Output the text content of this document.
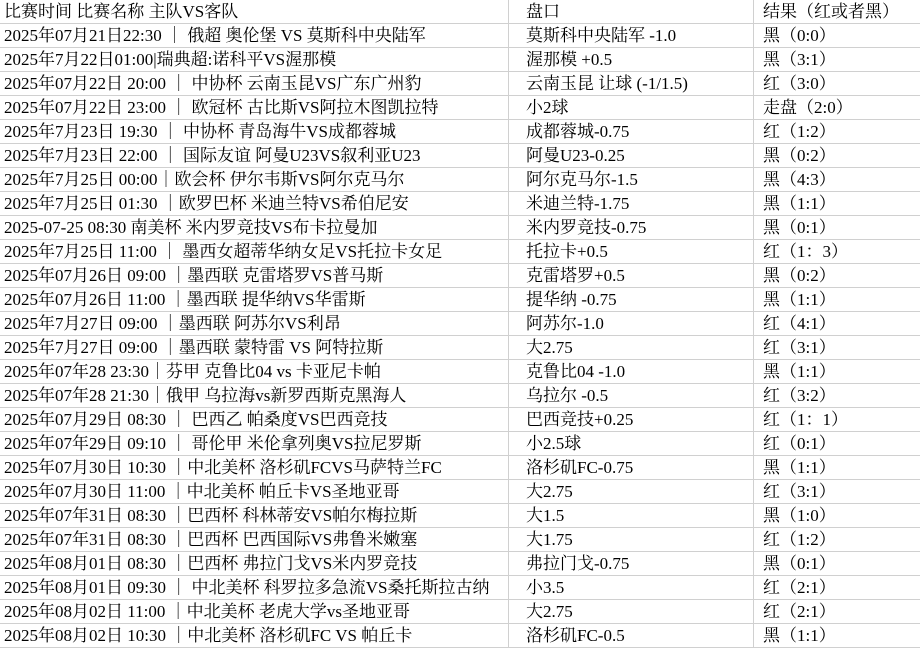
比赛时间 比赛名称 主队VS客队	盘口	结果（红或者黑）
2025年07月21日22:30 ｜ 俄超 奥伦堡 VS 莫斯科中央陆军	莫斯科中央陆军 -1.0	黑（0:0）
2025年7月22日01:00|瑞典超:诺科平VS渥那模	渥那模 +0.5	黑（3:1）
2025年07月22日 20:00 ｜ 中协杯 云南玉昆VS广东广州豹	云南玉昆 让球 (-1/1.5)	红（3:0）
2025年07月22日 23:00 ｜ 欧冠杯 古比斯VS阿拉木图凯拉特	小2球	走盘（2:0）
2025年7月23日 19:30 ｜ 中协杯 青岛海牛VS成都蓉城	成都蓉城-0.75	红（1:2）
2025年7月23日 22:00 ｜ 国际友谊 阿曼U23VS叙利亚U23	阿曼U23-0.25	黑（0:2）
2025年7月25日 00:00｜欧会杯 伊尔韦斯VS阿尔克马尔	阿尔克马尔-1.5	黑（4:3）
2025年7月25日 01:30 ｜欧罗巴杯 米迪兰特VS希伯尼安	米迪兰特-1.75	黑（1:1）
2025-07-25 08:30 南美杯 米内罗竞技VS布卡拉曼加	米内罗竞技-0.75	黑（0:1）
2025年7月25日 11:00 ｜ 墨西女超蒂华纳女足VS托拉卡女足	托拉卡+0.5	红（1：3）
2025年07月26日 09:00 ｜墨西联 克雷塔罗VS普马斯	克雷塔罗+0.5	黑（0:2）
2025年07月26日 11:00 ｜墨西联 提华纳VS华雷斯	提华纳 -0.75	黑（1:1）
2025年7月27日 09:00 ｜墨西联 阿苏尔VS利昂	阿苏尔-1.0	红（4:1）
2025年7月27日 09:00 ｜墨西联 蒙特雷 VS 阿特拉斯	大2.75	红（3:1）
2025年07年28 23:30｜芬甲 克鲁比04 vs 卡亚尼卡帕	克鲁比04 -1.0	黑（1:1）
2025年07年28 21:30｜俄甲 乌拉海vs新罗西斯克黑海人	乌拉尔 -0.5	红（3:2）
2025年07月29日 08:30 ｜ 巴西乙 帕桑度VS巴西竞技	巴西竞技+0.25	红（1：1）
2025年07年29日 09:10 ｜ 哥伦甲 米伦拿列奥VS拉尼罗斯	小2.5球	红（0:1）
2025年07月30日 10:30 ｜中北美杯 洛杉矶FCVS马萨特兰FC	洛杉矶FC-0.75	黑（1:1）
2025年07月30日 11:00 ｜中北美杯 帕丘卡VS圣地亚哥	大2.75	红（3:1）
2025年07年31日 08:30 ｜巴西杯 科林蒂安VS帕尔梅拉斯	大1.5	黑（1:0）
2025年07年31日 08:30 ｜巴西杯 巴西国际VS弗鲁米嫩塞	大1.75	红（1:2）
2025年08月01日 08:30 ｜巴西杯 弗拉门戈VS米内罗竞技	弗拉门戈-0.75	黑（0:1）
2025年08月01日 09:30 ｜ 中北美杯 科罗拉多急流VS桑托斯拉古纳	小3.5	红（2:1）
2025年08月02日 11:00 ｜中北美杯 老虎大学vs圣地亚哥	大2.75	红（2:1）
2025年08月02日 10:30 ｜中北美杯 洛杉矶FC VS 帕丘卡	洛杉矶FC-0.5	黑（1:1）
